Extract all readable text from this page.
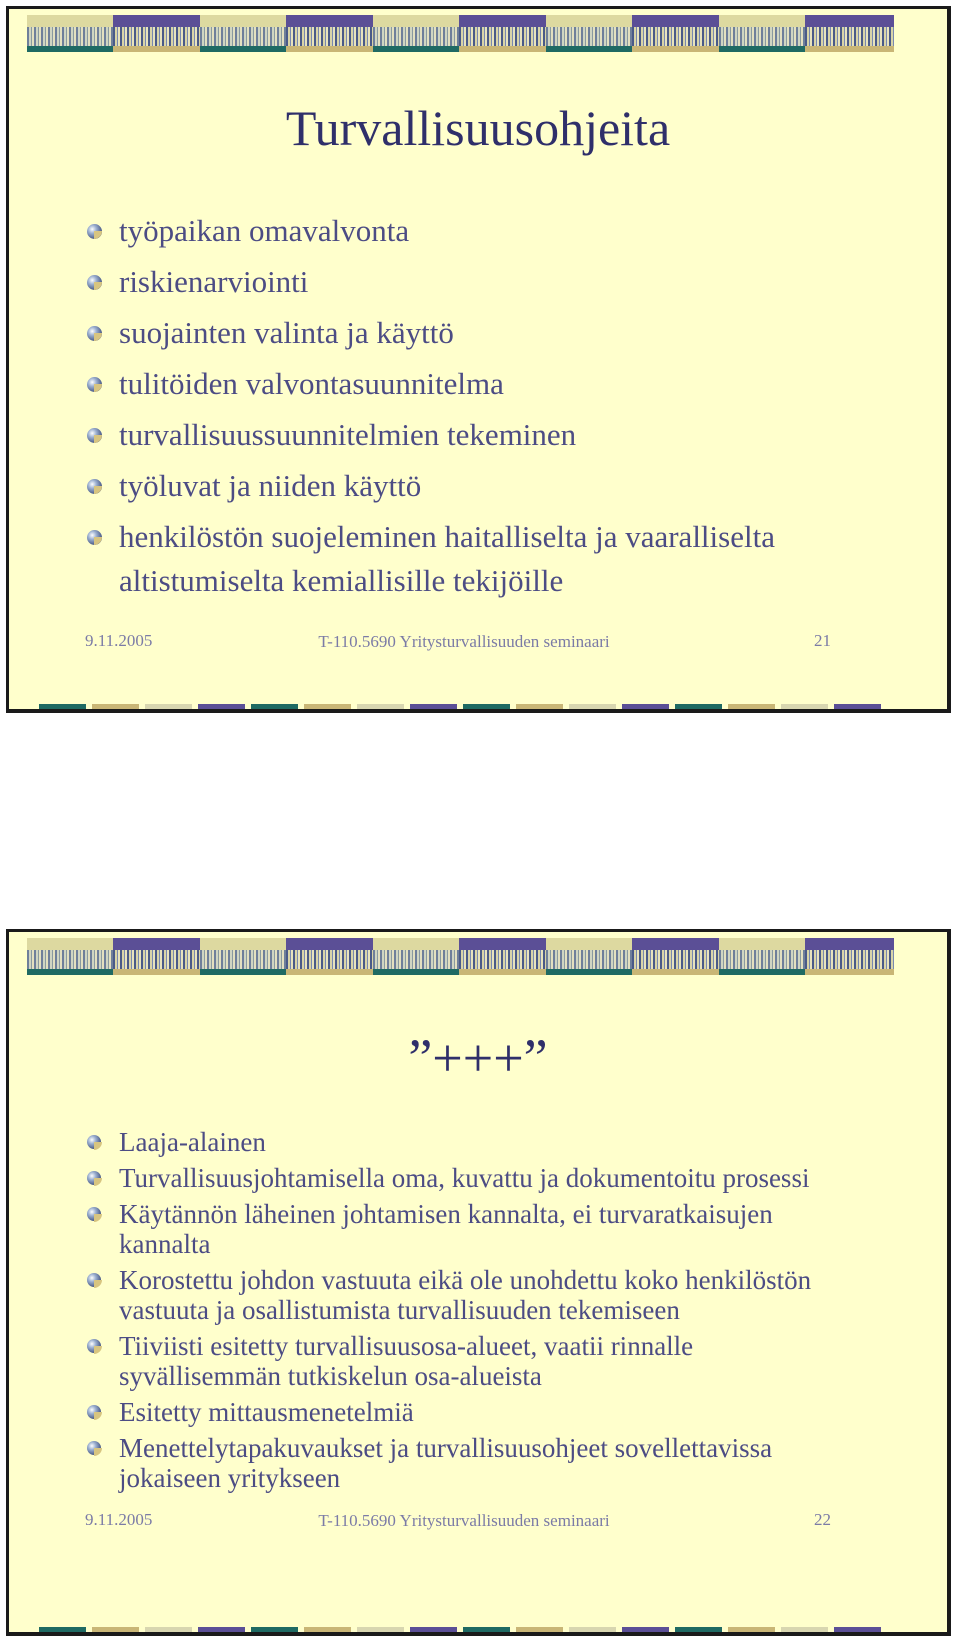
Turvallisuusohjeita
työpaikan omavalvonta
riskienarviointi
suojainten valinta ja käyttö
tulitöiden valvontasuunnitelma
turvallisuussuunnitelmien tekeminen
työluvat ja niiden käyttö
henkilöstön suojeleminen haitalliselta ja vaaralliselta altistumiselta kemiallisille tekijöille
9.11.2005	T-110.5690 Yritysturvallisuuden seminaari	21
”+++”
Laaja-alainen
Turvallisuusjohtamisella oma, kuvattu ja dokumentoitu prosessi
Käytännön läheinen johtamisen kannalta, ei turvaratkaisujen kannalta
Korostettu johdon vastuuta eikä ole unohdettu koko henkilöstön vastuuta ja osallistumista turvallisuuden tekemiseen
Tiiviisti esitetty turvallisuusosa-alueet, vaatii rinnalle syvällisemmän tutkiskelun osa-alueista
Esitetty mittausmenetelmiä
Menettelytapakuvaukset ja turvallisuusohjeet sovellettavissa jokaiseen yritykseen
9.11.2005	T-110.5690 Yritysturvallisuuden seminaari	22
